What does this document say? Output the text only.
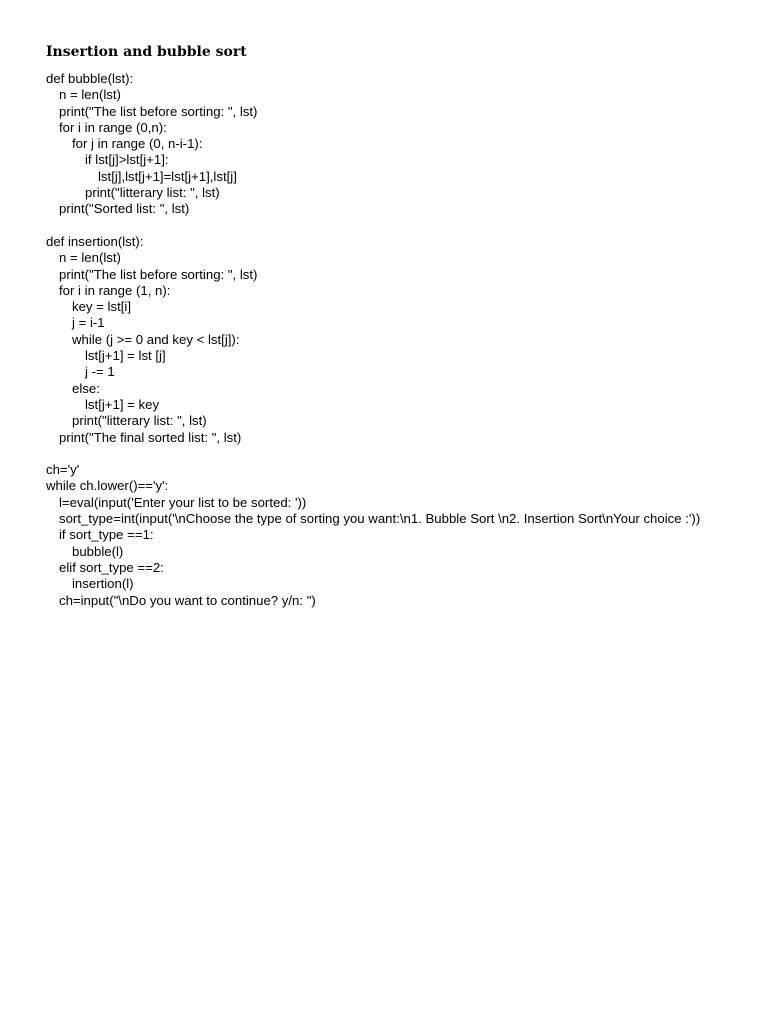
Insertion and bubble sort
def bubble(lst):
n = len(lst)
print("The list before sorting: ", lst)
for i in range (0,n):
for j in range (0, n-i-1):
if lst[j]>lst[j+1]:
lst[j],lst[j+1]=lst[j+1],lst[j]
print("litterary list: ", lst)
print("Sorted list: ", lst)
def insertion(lst):
n = len(lst)
print("The list before sorting: ", lst)
for i in range (1, n):
key = lst[i]
j = i-1
while (j >= 0 and key < lst[j]):
lst[j+1] = lst [j]
j -= 1
else:
lst[j+1] = key
print("litterary list: ", lst)
print("The final sorted list: ", lst)
ch='y'
while ch.lower()=='y':
l=eval(input('Enter your list to be sorted: '))
sort_type=int(input('\nChoose the type of sorting you want:\n1. Bubble Sort \n2. Insertion Sort\nYour choice :'))
if sort_type ==1:
bubble(l)
elif sort_type ==2:
insertion(l)
ch=input("\nDo you want to continue? y/n: ")
